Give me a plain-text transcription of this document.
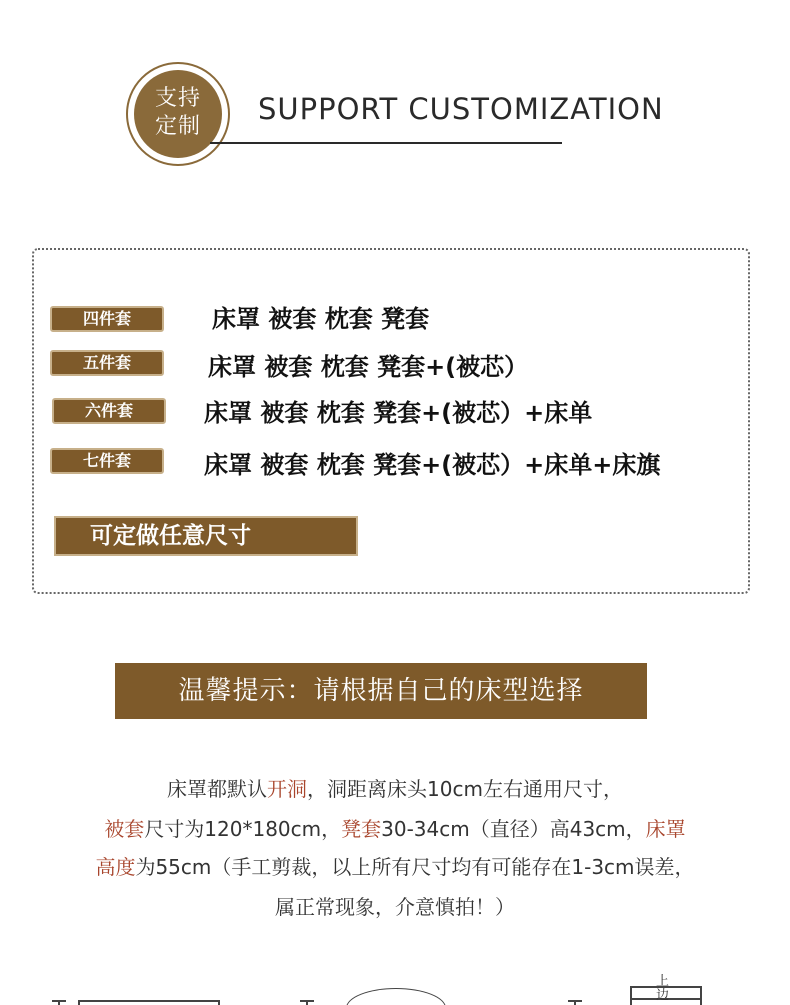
支持
定制
SUPPORT CUSTOMIZATION
四件套	床罩 被套 枕套 凳套
五件套	床罩 被套 枕套 凳套+(被芯）
六件套	床罩 被套 枕套 凳套+(被芯）+床单
七件套	床罩 被套 枕套 凳套+(被芯）+床单+床旗
可定做任意尺寸
温馨提示：请根据自己的床型选择
床罩都默认开洞，洞距离床头10cm左右通用尺寸，
被套尺寸为120*180cm，凳套30-34cm（直径）高43cm，床罩
高度为55cm（手工剪裁，以上所有尺寸均有可能存在1-3cm误差，
属正常现象，介意慎拍！）
上
边
